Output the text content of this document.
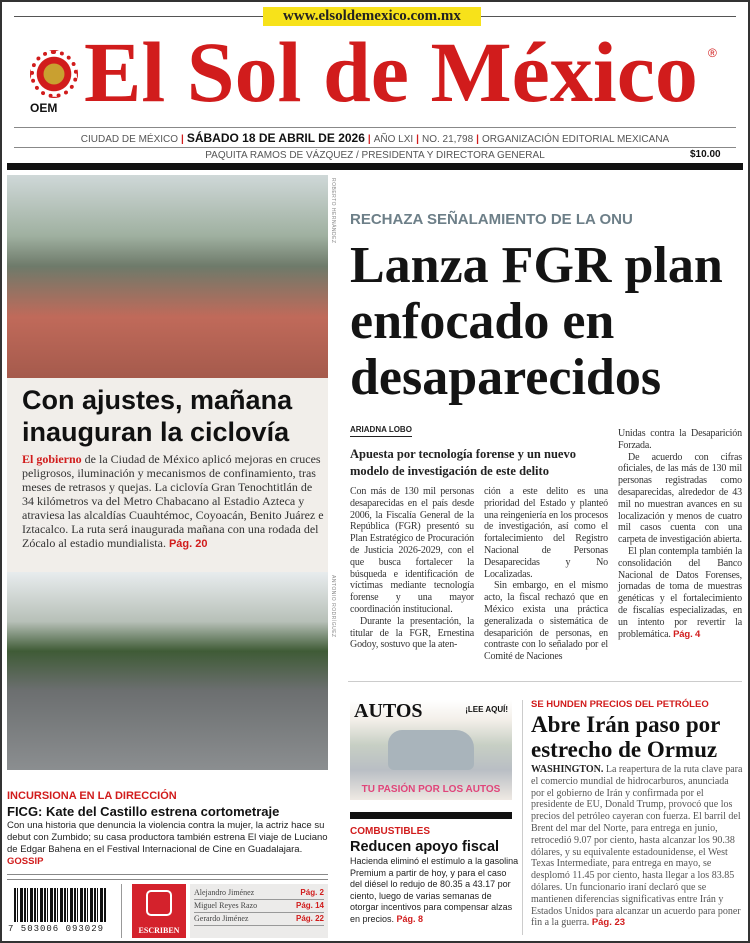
www.elsoldemexico.com.mx
OEM El Sol de México ®
CIUDAD DE MÉXICO | SÁBADO 18 DE ABRIL DE 2026 | AÑO LXI | NO. 21,798 | ORGANIZACIÓN EDITORIAL MEXICANA
PAQUITA RAMOS DE VÁZQUEZ / PRESIDENTA Y DIRECTORA GENERAL	$10.00
ROBERTO HERNÁNDEZ
Con ajustes, mañana inauguran la ciclovía
El gobierno de la Ciudad de México aplicó mejoras en cruces peligrosos, iluminación y mecanismos de confinamiento, tras meses de retrasos y quejas. La ciclovía Gran Tenochtitlán de 34 kilómetros va del Metro Chabacano al Estadio Azteca y atraviesa las alcaldías Cuauhtémoc, Coyoacán, Benito Juárez e Iztacalco. La ruta será inaugurada mañana con una rodada del Zócalo al estadio mundialista. Pág. 20
ANTONIO RODRÍGUEZ
INCURSIONA EN LA DIRECCIÓN
FICG: Kate del Castillo estrena cortometraje
Con una historia que denuncia la violencia contra la mujer, la actriz hace su debut con Zumbido; su casa productora también estrena El viaje de Luciano de Edgar Bahena en el Festival Internacional de Cine en Guadalajara. GOSSIP
7 503006 093029	ESCRIBEN
Alejandro Jiménez	Pág. 2
Miguel Reyes Razo	Pág. 14
Gerardo Jiménez	Pág. 22
RECHAZA SEÑALAMIENTO DE LA ONU
Lanza FGR plan enfocado en desaparecidos
ARIADNA LOBO
Apuesta por tecnología forense y un nuevo modelo de investigación de este delito

Con más de 130 mil personas desaparecidas en el país desde 2006, la Fiscalía General de la República (FGR) presentó su Plan Estratégico de Procuración de Justicia 2026-2029, con el que busca fortalecer la búsqueda e identificación de víctimas mediante tecnología forense y una mayor coordinación institucional.

Durante la presentación, la titular de la FGR, Ernestina Godoy, sostuvo que la aten-

ción a este delito es una prioridad del Estado y planteó una reingeniería en los procesos de investigación, así como el fortalecimiento del Registro Nacional de Personas Desaparecidas y No Localizadas.

Sin embargo, en el mismo acto, la fiscal rechazó que en México exista una práctica generalizada o sistemática de desaparición de personas, en contraste con lo señalado por el Comité de Naciones

Unidas contra la Desaparición Forzada.

De acuerdo con cifras oficiales, de las más de 130 mil personas registradas como desaparecidas, alrededor de 43 mil no muestran avances en su localización y menos de cuatro mil casos cuenta con una carpeta de investigación abierta.

El plan contempla también la consolidación del Banco Nacional de Datos Forenses, jornadas de toma de muestras genéticas y el fortalecimiento de fiscalías especializadas, en un intento por revertir la problemática. Pág. 4

AUTOS	¡LEE AQUÍ!
TU PASIÓN POR LOS AUTOS
COMBUSTIBLES
Reducen apoyo fiscal
Hacienda eliminó el estímulo a la gasolina Premium a partir de hoy, y para el caso del diésel lo redujo de 80.35 a 43.17 por ciento, luego de varias semanas de otorgar incentivos para compensar alzas en precios. Pág. 8
SE HUNDEN PRECIOS DEL PETRÓLEO
Abre Irán paso por estrecho de Ormuz
WASHINGTON. La reapertura de la ruta clave para el comercio mundial de hidrocarburos, anunciada por el gobierno de Irán y confirmada por el presidente de EU, Donald Trump, provocó que los precios del petróleo cayeran con fuerza. El barril del Brent del mar del Norte, para entrega en junio, retrocedió 9.07 por ciento, hasta alcanzar los 90.38 dólares, y su equivalente estadounidense, el West Texas Intermediate, para entrega en mayo, se desplomó 11.45 por ciento, hasta llegar a los 83.85 dólares. Un funcionario iraní declaró que se mantienen diferencias significativas entre Irán y Estados Unidos para alcanzar un acuerdo para poner fin a la guerra. Pág. 23
